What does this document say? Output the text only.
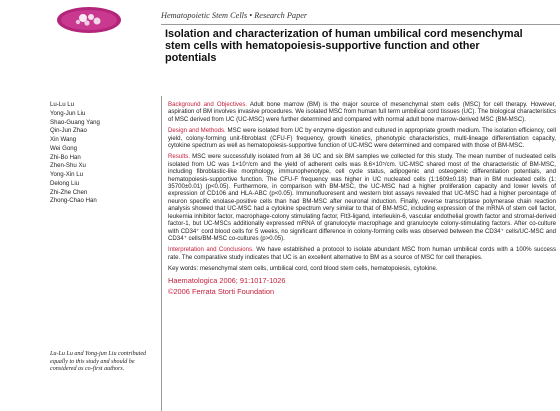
Hematopoietic Stem Cells • Research Paper
Isolation and characterization of human umbilical cord mesenchymal stem cells with hematopoiesis-supportive function and other potentials
Lu-Lu Lu
Yong-Jun Liu
Shao-Guang Yang
Qin-Jun Zhao
Xin Wang
Wei Gong
Zhi-Bo Han
Zhen-Shu Xu
Yong-Xin Lu
Delong Liu
Zhi-Zhe Chen
Zhong-Chao Han
Lu-Lu Lu and Yong-jun Liu contributed equally to this study and should be considered as co-first authors.

Background and Objectives. Adult bone marrow (BM) is the major source of mesenchymal stem cells (MSC) for cell therapy. However, aspiration of BM involves invasive procedures. We isolated MSC from human full term umbilical cord tissues (UC). The biological characteristics of MSC derived from UC (UC-MSC) were further determined and compared with normal adult bone marrow-derived MSC (BM-MSC).

Design and Methods. MSC were isolated from UC by enzyme digestion and cultured in appropriate growth medium. The isolation efficiency, cell yield, colony-forming unit-fibroblast (CFU-F) frequency, growth kinetics, phenotypic characteristics, multi-lineage differentiation capacity, cytokine spectrum as well as hematopoiesis-supportive function of UC-MSC were determined and compared with those of BM-MSC.

Results. MSC were successfully isolated from all 36 UC and six BM samples we collected for this study. The mean number of nucleated cells isolated from UC was 1×10⁷/cm and the yield of adherent cells was 8.6×10⁵/cm. UC-MSC shared most of the characteristic of BM-MSC, including fibroblastic-like morphology, immunophenotype, cell cycle status, adipogenic and osteogenic differentiation potentials, and hematopoiesis-supportive function. The CFU-F frequency was higher in UC nucleated cells (1:1609±0.18) than in BM nucleated cells (1: 35700±0.01) (p<0.05). Furthermore, in comparison with BM-MSC, the UC-MSC had a higher proliferation capacity and lower levels of expression of CD106 and HLA-ABC (p<0.05). Immunofluoresent and western blot assays revealed that UC-MSC had a higher percentage of neuron specific enolase-positive cells than had BM-MSC after neuronal induction. Finally, reverse transcriptase polymerase chain reaction analysis showed that UC-MSC had a cytokine spectrum very similar to that of BM-MSC, including expression of the mRNA of stem cell factor, leukemia inhibitor factor, macrophage-colony stimulating factor, Flt3-ligand, interleukin-6, vascular endothelial growth factor and stromal-derived factor-1, but UC-MSCs additionally expressed mRNA of granulocyte macrophage and granulocyte colony-stimulating factors. After co-culture with CD34⁺ cord blood cells for 5 weeks, no significant difference in colony-forming cells was observed between the CD34⁺ cells/UC-MSC and CD34⁺ cells/BM-MSC co-cultures (p>0.05).

Interpretation and Conclusions. We have established a protocol to isolate abundant MSC from human umbilical cords with a 100% success rate. The comparative study indicates that UC is an excellent alternative to BM as a source of MSC for cell therapies.

Key words: mesenchymal stem cells, umbilical cord, cord blood stem cells, hematopoiesis, cytokine.

Haematologica 2006; 91:1017-1026
©2006 Ferrata Storti Foundation
